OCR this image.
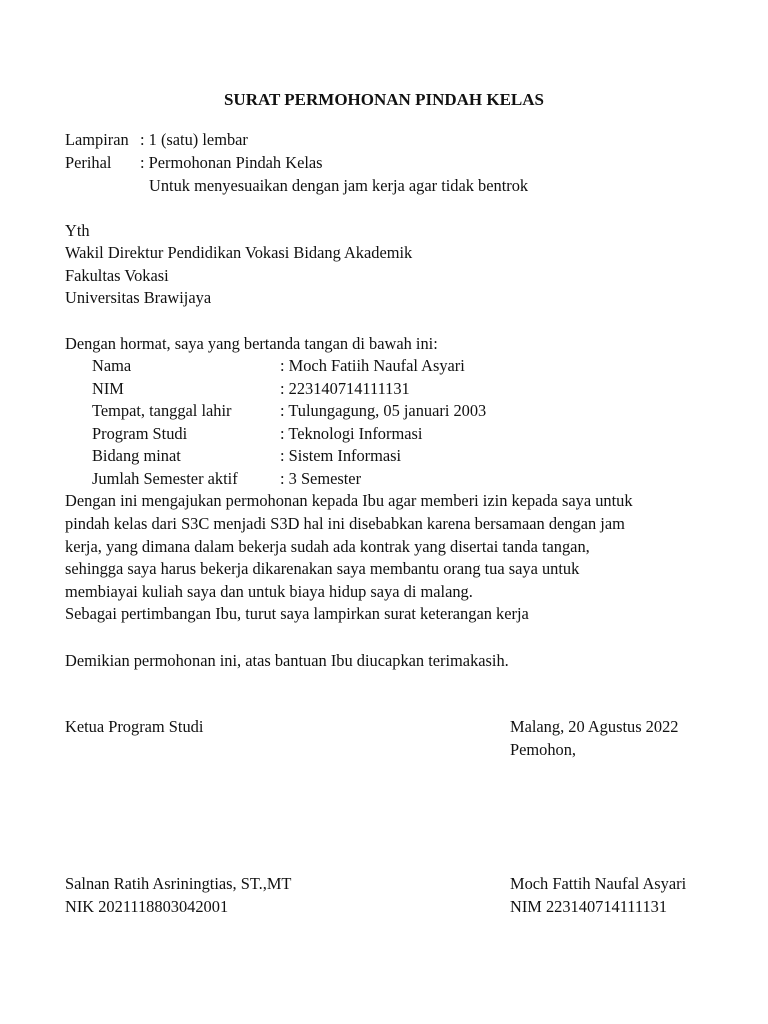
SURAT PERMOHONAN PINDAH KELAS
Lampiran : 1 (satu) lembar
Perihal : Permohonan Pindah Kelas
Untuk menyesuaikan dengan jam kerja agar tidak bentrok
Yth
Wakil Direktur Pendidikan Vokasi Bidang Akademik
Fakultas Vokasi
Universitas Brawijaya
Dengan hormat, saya yang bertanda tangan di bawah ini:
Nama	: Moch Fatiih Naufal Asyari
NIM	: 223140714111131
Tempat, tanggal lahir	: Tulungagung, 05 januari 2003
Program Studi	: Teknologi Informasi
Bidang minat	: Sistem Informasi
Jumlah Semester aktif	: 3 Semester
Dengan ini mengajukan permohonan kepada Ibu agar memberi izin kepada saya untuk
pindah kelas dari S3C menjadi S3D hal ini disebabkan karena bersamaan dengan jam
kerja, yang dimana dalam bekerja sudah ada kontrak yang disertai tanda tangan,
sehingga saya harus bekerja dikarenakan saya membantu orang tua saya untuk
membiayai kuliah saya dan untuk biaya hidup saya di malang.
Sebagai pertimbangan Ibu, turut saya lampirkan surat keterangan kerja
Demikian permohonan ini, atas bantuan Ibu diucapkan terimakasih.
Ketua Program Studi	Malang, 20 Agustus 2022
Pemohon,
Salnan Ratih Asriningtias, ST.,MT
NIK 2021118803042001
Moch Fattih Naufal Asyari
NIM 223140714111131
